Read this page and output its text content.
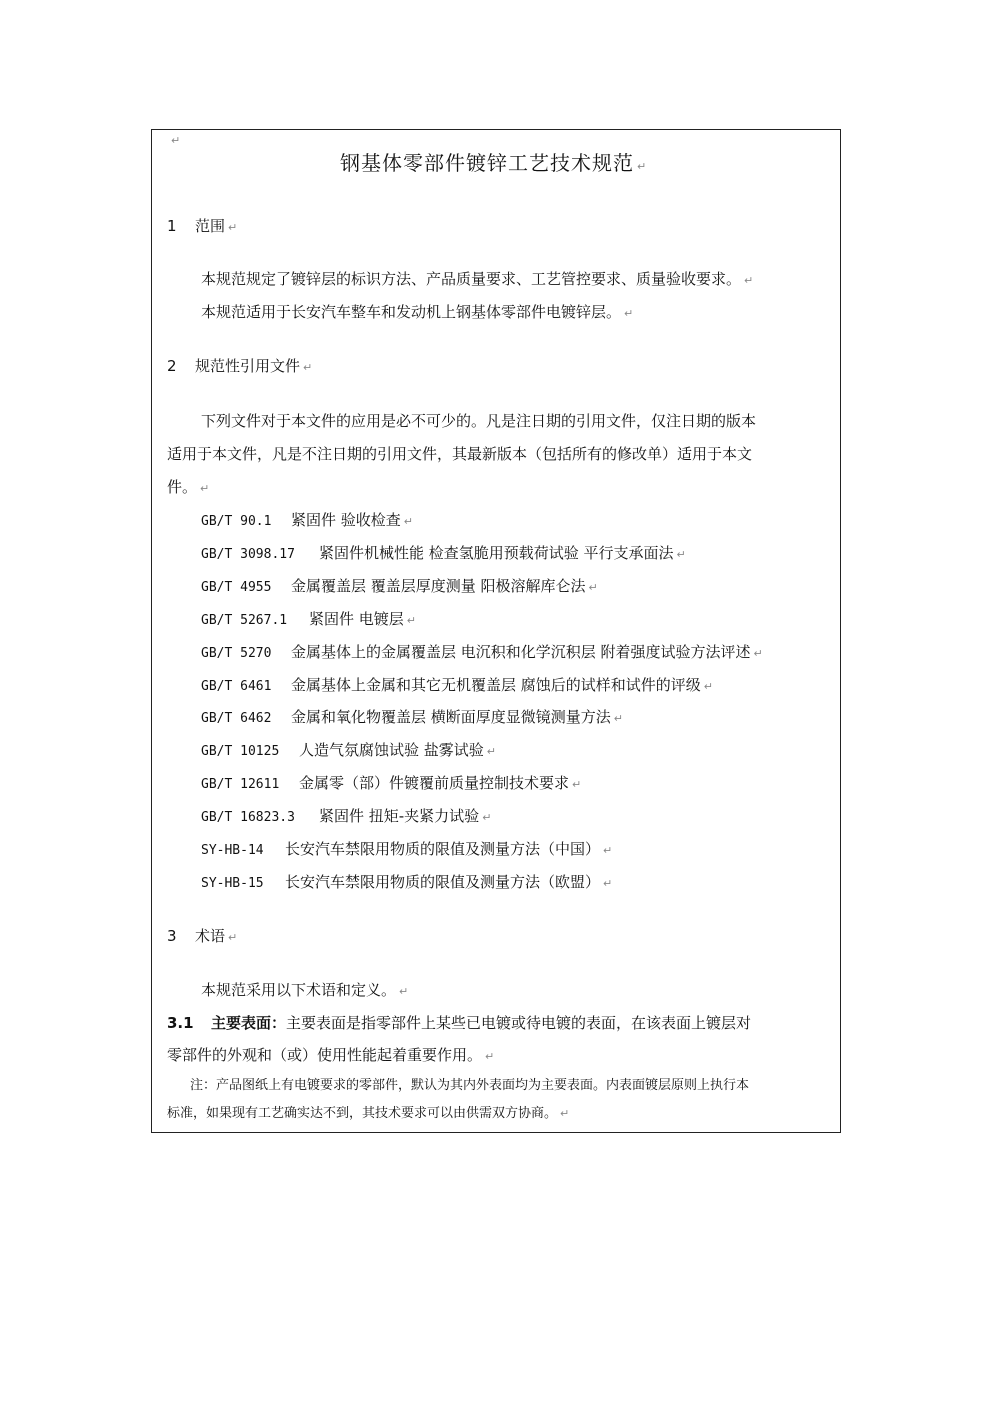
↵
钢基体零部件镀锌工艺技术规范 ↵
1 范围 ↵
本规范规定了镀锌层的标识方法、产品质量要求、工艺管控要求、质量验收要求。 ↵
本规范适用于长安汽车整车和发动机上钢基体零部件电镀锌层。 ↵
2 规范性引用文件 ↵
下列文件对于本文件的应用是必不可少的。凡是注日期的引用文件，仅注日期的版本
适用于本文件，凡是不注日期的引用文件，其最新版本（包括所有的修改单）适用于本文
件。 ↵
GB/T 90.1 紧固件 验收检查 ↵
GB/T 3098.17 紧固件机械性能 检查氢脆用预载荷试验 平行支承面法 ↵
GB/T 4955 金属覆盖层 覆盖层厚度测量 阳极溶解库仑法 ↵
GB/T 5267.1 紧固件 电镀层 ↵
GB/T 5270 金属基体上的金属覆盖层 电沉积和化学沉积层 附着强度试验方法评述 ↵
GB/T 6461 金属基体上金属和其它无机覆盖层 腐蚀后的试样和试件的评级 ↵
GB/T 6462 金属和氧化物覆盖层 横断面厚度显微镜测量方法 ↵
GB/T 10125 人造气氛腐蚀试验 盐雾试验 ↵
GB/T 12611 金属零（部）件镀覆前质量控制技术要求 ↵
GB/T 16823.3 紧固件 扭矩-夹紧力试验 ↵
SY-HB-14 长安汽车禁限用物质的限值及测量方法（中国） ↵
SY-HB-15 长安汽车禁限用物质的限值及测量方法（欧盟） ↵
3 术语 ↵
本规范采用以下术语和定义。 ↵
3.1 主要表面：主要表面是指零部件上某些已电镀或待电镀的表面，在该表面上镀层对
零部件的外观和（或）使用性能起着重要作用。 ↵
注：产品图纸上有电镀要求的零部件，默认为其内外表面均为主要表面。内表面镀层原则上执行本
标准，如果现有工艺确实达不到，其技术要求可以由供需双方协商。 ↵
